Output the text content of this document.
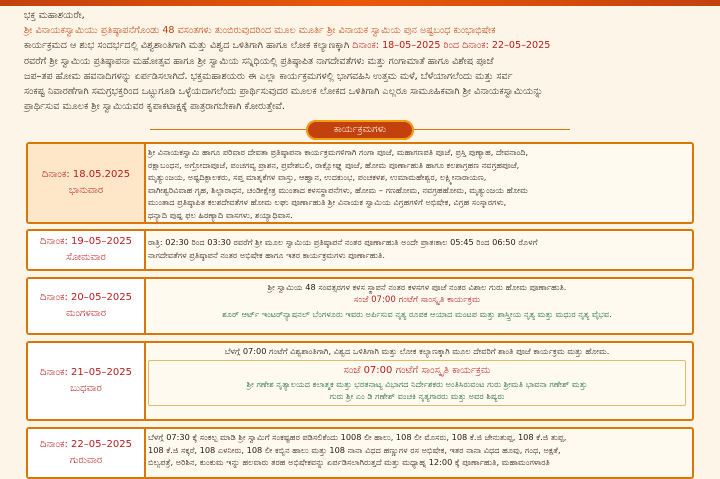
ಭಕ್ತ ಮಹಾಶಯರೇ,
ಶ್ರೀ ವಿನಾಯಕಸ್ವಾಮಿಯು ಪ್ರತಿಷ್ಠಾಪನೆಗೊಂಡು 48 ವಸಂತಗಳು ತುಂಬಿರುವುದರಿಂದ ಮೂಲ ಮೂರ್ತಿ ಶ್ರೀ ವಿನಾಯಕ ಸ್ವಾಮಿಯ ಪುನ ಅಷ್ಟಬಂಧ ಕುಂಭಾಭಿಷೇಕ
ಕಾರ್ಯಕ್ರಮದ ಆ ಶುಭ ಸಂದರ್ಭದಲ್ಲಿ ವಿಶ್ವಶಾಂತಿಗಾಗಿ ಮತ್ತು ವಿಶ್ವದ ಒಳಿತಿಗಾಗಿ ಹಾಗೂ ಲೋಕ ಕಲ್ಯಾಣಕ್ಕಾಗಿ ದಿನಾಂಕ: 18–05–2025 ರಿಂದ ದಿನಾಂಕ: 22–05–2025
ರವರೆಗೆ ಶ್ರೀ ಸ್ವಾಮಿಯ ಪ್ರತಿಷ್ಠಾಪನಾ ಮಹೋತ್ಸವ ಹಾಗೂ ಶ್ರೀ ಸ್ವಾಮಿಯ ಸನ್ನಿಧಿಯಲ್ಲಿ ಪ್ರತಿಷ್ಠಾಪಿತ ನಾಗದೇವತೆಗಳು ಮತ್ತು ಗಂಗಾಮಾತೆ ಹಾಗೂ ವಿಶೇಷ ಪೂಜೆ
ಜಪ–ತಪ ಹೋಮ ಹವನಾದಿಗಳನ್ನು ಏರ್ಪಡಿಸಲಾಗಿದೆ. ಭಕ್ತಮಹಾಶಯರು ಈ ಎಲ್ಲಾ ಕಾರ್ಯಕ್ರಮಗಳಲ್ಲಿ ಭಾಗವಹಿಸಿ ಉತ್ತಮ ಮಳೆ, ಬೆಳೆಯಾಗಲೆಂದು ಮತ್ತು ಸರ್ವ
ಸಂಕಷ್ಟ ನಿವಾರಣೆಗಾಗಿ ಸಮಗ್ರಭಕ್ತರಿಂದ ಒಟ್ಟುಗೂಡಿ ಒಳ್ಳೆಯದಾಗಲೆಂದು ಪ್ರಾರ್ಥಿಸುವುದರ ಮೂಲಕ ಲೋಕದ ಒಳಿತಿಗಾಗಿ ಎಲ್ಲರೂ ಸಾಮೂಹಿಕವಾಗಿ ಶ್ರೀ ವಿನಾಯಕಸ್ವಾಮಿಯನ್ನು
ಪ್ರಾರ್ಥಿಸುವ ಮೂಲಕ ಶ್ರೀ ಸ್ವಾಮಿಯವರ ಕೃಪಾಕಟಾಕ್ಷಕ್ಕೆ ಪಾತ್ರರಾಗಬೇಕಾಗಿ ಕೋರುತ್ತೇವೆ.
ಕಾರ್ಯಕ್ರಮಗಳು
ದಿನಾಂಕ: 18.05.2025
ಭಾನುವಾರ
ಶ್ರೀ ವಿನಾಯಕಸ್ವಾಮಿ ಹಾಗೂ ಪರಿವಾರ ದೇವತಾ ಪ್ರತಿಷ್ಠಾಪನಾ ಕಾರ್ಯಕ್ರಮಗಳಿಗಾಗಿ ಗಂಗಾ ಪೂಜೆ, ಮಹಾಗಣಪತಿ ಪೂಜೆ, ಪ್ರಸ್ತಿ ಪುಣ್ಯಾಹ, ದೇವನಾಂದಿ,
ರಕ್ಷಾಬಂಧನ, ಅಗ್ರೋದಾಪೂಜೆ, ಪಂಚಗವ್ಯ ಪ್ರಾಶನ, ಪ್ರವೇಶಬಲಿ, ರಾಕ್ಷೋಘ್ನ ಪೂಜೆ, ಹೋಮ ಪೂರ್ಣಾಹುತಿ ಹಾಗೂ ಕಲಶಾಗ್ರಹಣ ನವಗ್ರಹಪೂಜೆ,
ಮೃತ್ಯುಂಜಯ, ಅಷ್ಟದಿಕ್ಪಾಲಕರು, ಸಪ್ತ ಮಾತೃಕೆಗಳ ವಾಸ್ತು, ಆಹ್ವಾನ, ಉದಕುಂಭ, ಪಂಚಕಳಶ, ಉಮಾಮಹೇಶ್ವರ, ಲಕ್ಷ್ಮೀನಾರಾಯಣ,
ವಾಗೀಶ್ವರಿವಿವಾಹ ಗೃಹ, ಶಿಲ್ಪಾರಾಧನ, ಚಂಡೀಕ್ಷೇತ್ರ ಮುಂತಾದ ಕಳಸಸ್ಥಾಪನೆಗಳು, ಹೋಮ – ಗಣಹೋಮ, ನವಗ್ರಹಹೋಮ, ಮೃತ್ಯುಂಜಯ ಹೋಮ
ಮುಂತಾದ ಪ್ರತಿಷ್ಠಾಪಿತ ಕಲಶದೇವತೆಗಳ ಹೋಮ ಲಘು ಪೂರ್ಣಾಹುತಿ ಶ್ರೀ ವಿನಾಯಕ ಸ್ವಾಮಿಯ ವಿಗ್ರಹಗಳಿಗೆ ಅಭಿಷೇಕ, ವಿಗ್ರಹ ಸಂಸ್ಕಾರಗಳು,
ಧನ್ಯಾದಿ ಪುಷ್ಪ ಫಲ ಹಿರಣ್ಯಾದಿ ವಾಸಗಳು, ಶಯ್ಯಾಧಿವಾಸ.
ದಿನಾಂಕ: 19–05–2025
ಸೋಮವಾರ
ರಾತ್ರಿ: 02:30 ರಿಂದ 03:30 ರವರೆಗೆ ಶ್ರೀ ಮೂಲ ಸ್ವಾಮಿಯ ಪ್ರತಿಷ್ಠಾಪನೆ ನಂತರ ಪೂರ್ಣಾಹುತಿ ಅಂದೇ ಪ್ರಾತಃಕಾಲ 05:45 ರಿಂದ 06:50 ರೊಳಗೆ
ನಾಗದೇವತೆಗಳ ಪ್ರತಿಷ್ಠಾಪನೆ ನಂತರ ಅಭಿಷೇಕ ಹಾಗೂ ಇತರ ಕಾರ್ಯಕ್ರಮಗಳು ಪೂರ್ಣಾಹುತಿ.
ದಿನಾಂಕ: 20–05–2025
ಮಂಗಳವಾರ
ಶ್ರೀ ಸ್ವಾಮಿಯ 48 ಸಂವತ್ಸರಗಳ ಕಳಸ ಸ್ಥಾಪನೆ ನಂತರ ಕಳಸಗಳ ಪೂಜೆ ನಂತರ ವಿಶಾಲ ಗುರು ಹೋಮ ಪೂರ್ಣಾಹುತಿ.
ಸಂಜೆ 07:00 ಗಂಟೆಗೆ ಸಾಂಸ್ಕೃತಿ ಕಾರ್ಯಕ್ರಮ
ಶೂರ್ ಆರ್ಟ್ ಇಂಟರ್‌ನ್ಯಾಷನಲ್ ಬೆಂಗಳೂರು ಇವರು ಅರ್ಪಿಸುವ ನೃತ್ಯ ರೂಪಕ ಆಯಾದ ಮಂಟಪ ಮತ್ತು ಶಾಸ್ತ್ರೀಯ ನೃತ್ಯ ಮತ್ತು ಮಧುರ ನೃತ್ಯ ವೈಭವ.
ದಿನಾಂಕ: 21–05–2025
ಬುಧವಾರ
ಬೆಳಗ್ಗೆ 07:00 ಗಂಟೆಗೆ ವಿಶ್ವಶಾಂತಿಗಾಗಿ, ವಿಶ್ವದ ಒಳಿತಿಗಾಗಿ ಮತ್ತು ಲೋಕ ಕಲ್ಯಾಣಕ್ಕಾಗಿ ಮೂಲ ದೇವರಿಗೆ ಶಾಂತಿ ಪೂಜೆ ಕಾರ್ಯಕ್ರಮ ಮತ್ತು ಹೋಮ.
ಸಂಜೆ 07:00 ಗಂಟೆಗೆ ಸಾಂಸ್ಕೃತಿ ಕಾರ್ಯಕ್ರಮ
ಶ್ರೀ ಗಣೇಶ ನೃತ್ಯಾಲಯದ ಕಲಾತ್ಮಕ ಮತ್ತು ಭರತನಾಟ್ಯ ವಿಭಾಗದ ನಿರ್ದೇಶಕರು ಅಂತಿಸಿರುವಂಟ ಗುರು ಶ್ರೀಮತಿ ಭಾವನಾ ಗಣೇಶ್ ಮತ್ತು
ಗುರು ಶ್ರೀ ಎಂ ಡಿ ಗಣೇಶ್ ವಂಚಕಿ ನೃತ್ಯಗಾರರು ಮತ್ತು ಅವರ ಶಿಷ್ಯರು
ದಿನಾಂಕ: 22–05–2025
ಗುರುವಾರ
ಬೆಳಗ್ಗೆ 07:30 ಕ್ಕೆ ಸಂಕಲ್ಪ ಮಾಡಿ ಶ್ರೀ ಸ್ವಾಮಿಗೆ ಸಂಕಷ್ಟಹರ ಪಡಿಸಲಿಕೆಂದು 1008 ಲೀ ಹಾಲು, 108 ಲೀ ಮೊಸರು, 108 ಕೆ.ಜಿ ಜೇನುತುಪ್ಪ, 108 ಕೆ.ಜಿ ತುಪ್ಪ,
108 ಕೆ.ಜಿ ಸಕ್ಕರೆ, 108 ಎಳನೀರು, 108 ಲೀ ಕಬ್ಬಿನ ಹಾಲು ಮತ್ತು 108 ನಾನಾ ವಿಧದ ಹಣ್ಣುಗಳ ರಸ ಅಭಿಷೇಕ, ಇತರ ನಾನಾ ವಿಧದ ಹೂವು, ಗಂಧ, ಅಕ್ಷತೆ,
ಬಿಲ್ವಪತ್ರೆ, ಅರಿಶಿನ, ಕುಂಕುಮ ಇನ್ನು ಹಲವಾರು ತರಹ ಅಭಿಷೇಕವನ್ನು ಏರ್ಪಡಿಸಲಾಗಿರುತ್ತದೆ ಮತ್ತು ಮಧ್ಯಾಹ್ನ 12:00 ಕ್ಕೆ ಪೂರ್ಣಾಹುತಿ, ಮಹಾಮಂಗಳಾರತಿ
